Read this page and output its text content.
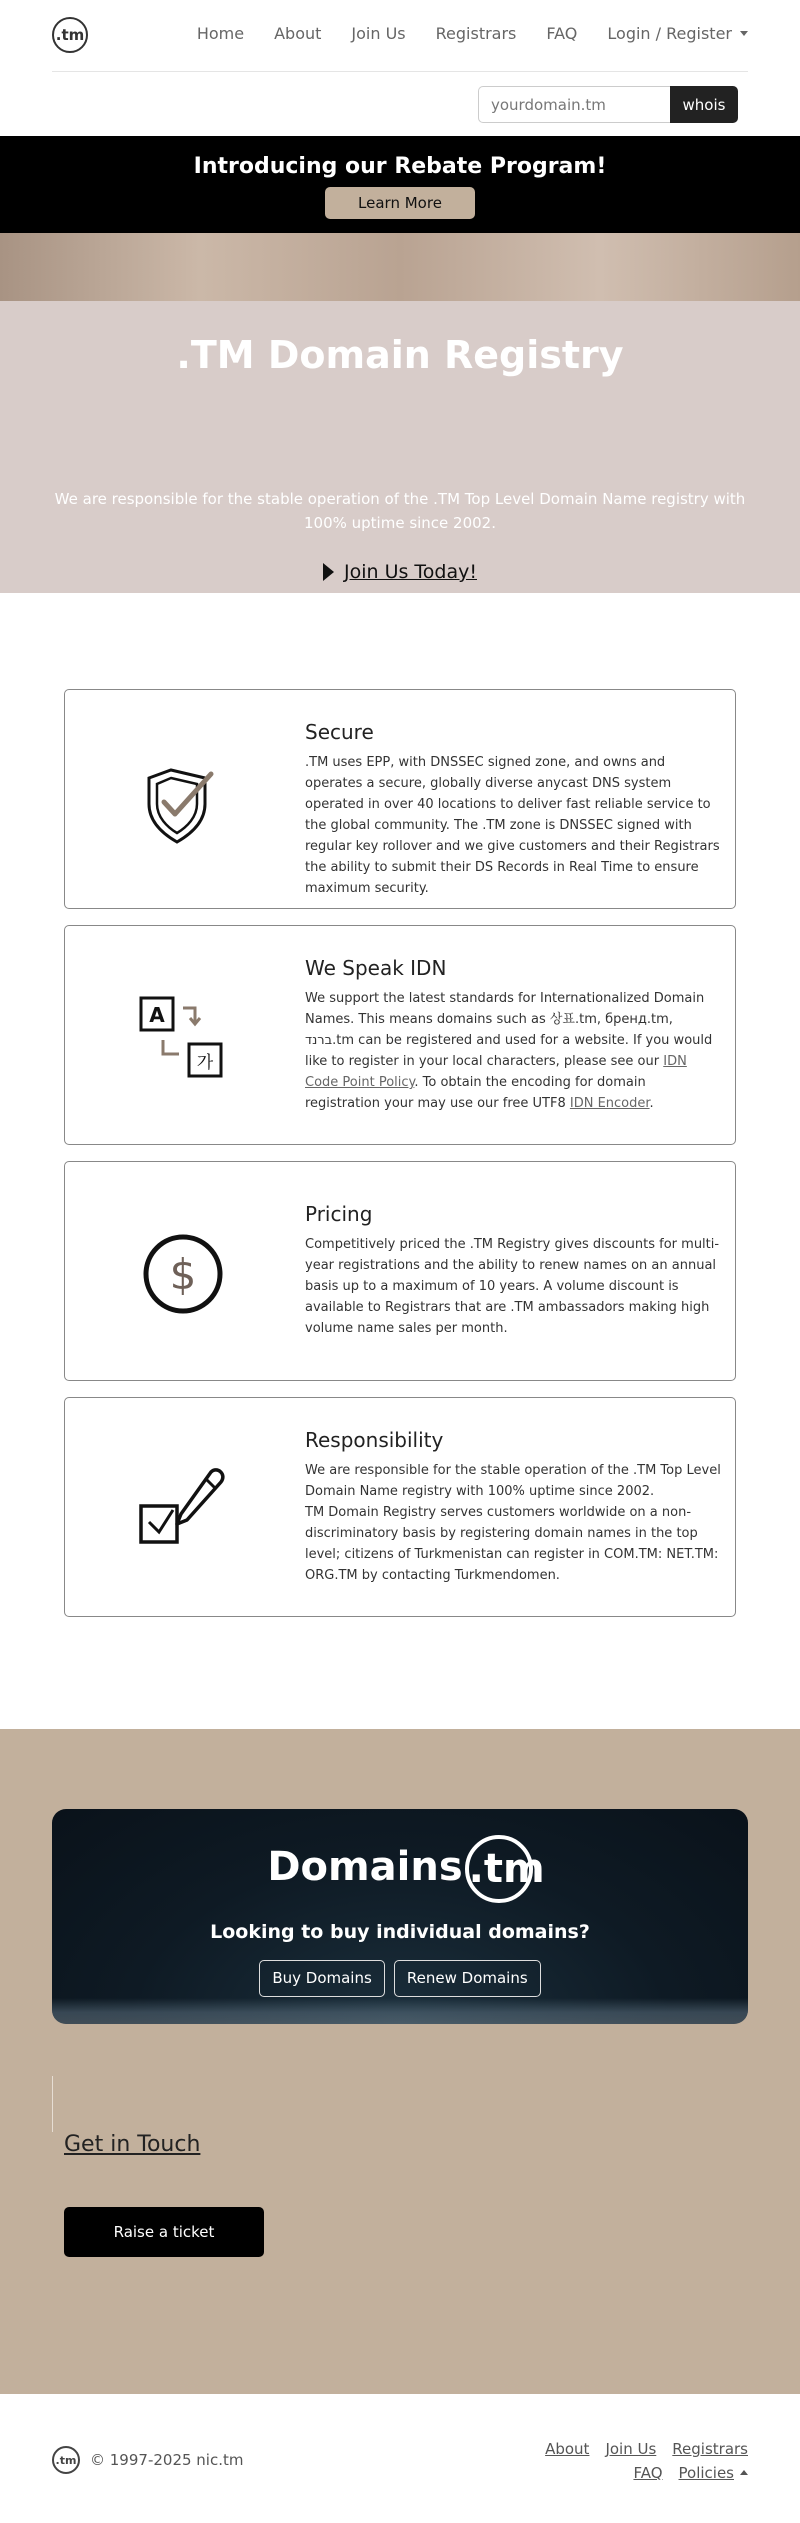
.tm	Home About Join Us Registrars FAQ Login / Register
yourdomain.tm
whois
Introducing our Rebate Program!
Learn More
.TM Domain Registry
We are responsible for the stable operation of the .TM Top Level Domain Name registry with 100% uptime since 2002.
Join Us Today!
Secure
.TM uses EPP, with DNSSEC signed zone, and owns and operates a secure, globally diverse anycast DNS system operated in over 40 locations to deliver fast reliable service to the global community. The .TM zone is DNSSEC signed with regular key rollover and we give customers and their Registrars the ability to submit their DS Records in Real Time to ensure maximum security.
A
가
We Speak IDN
We support the latest standards for Internationalized Domain Names. This means domains such as 상표.tm, бренд.tm, ברנד.tm can be registered and used for a website. If you would like to register in your local characters, please see our IDN Code Point Policy. To obtain the encoding for domain registration your may use our free UTF8 IDN Encoder.
$
Pricing
Competitively priced the .TM Registry gives discounts for multi-year registrations and the ability to renew names on an annual basis up to a maximum of 10 years. A volume discount is available to Registrars that are .TM ambassadors making high volume name sales per month.
Responsibility
We are responsible for the stable operation of the .TM Top Level Domain Name registry with 100% uptime since 2002.
TM Domain Registry serves customers worldwide on a non-discriminatory basis by registering domain names in the top level; citizens of Turkmenistan can register in COM.TM: NET.TM: ORG.TM by contacting Turkmendomen.
Domains .tm
Looking to buy individual domains?
Buy Domains Renew Domains
Get in Touch
Raise a ticket
.tm © 1997-2025 nic.tm
About Join Us Registrars
FAQ Policies
